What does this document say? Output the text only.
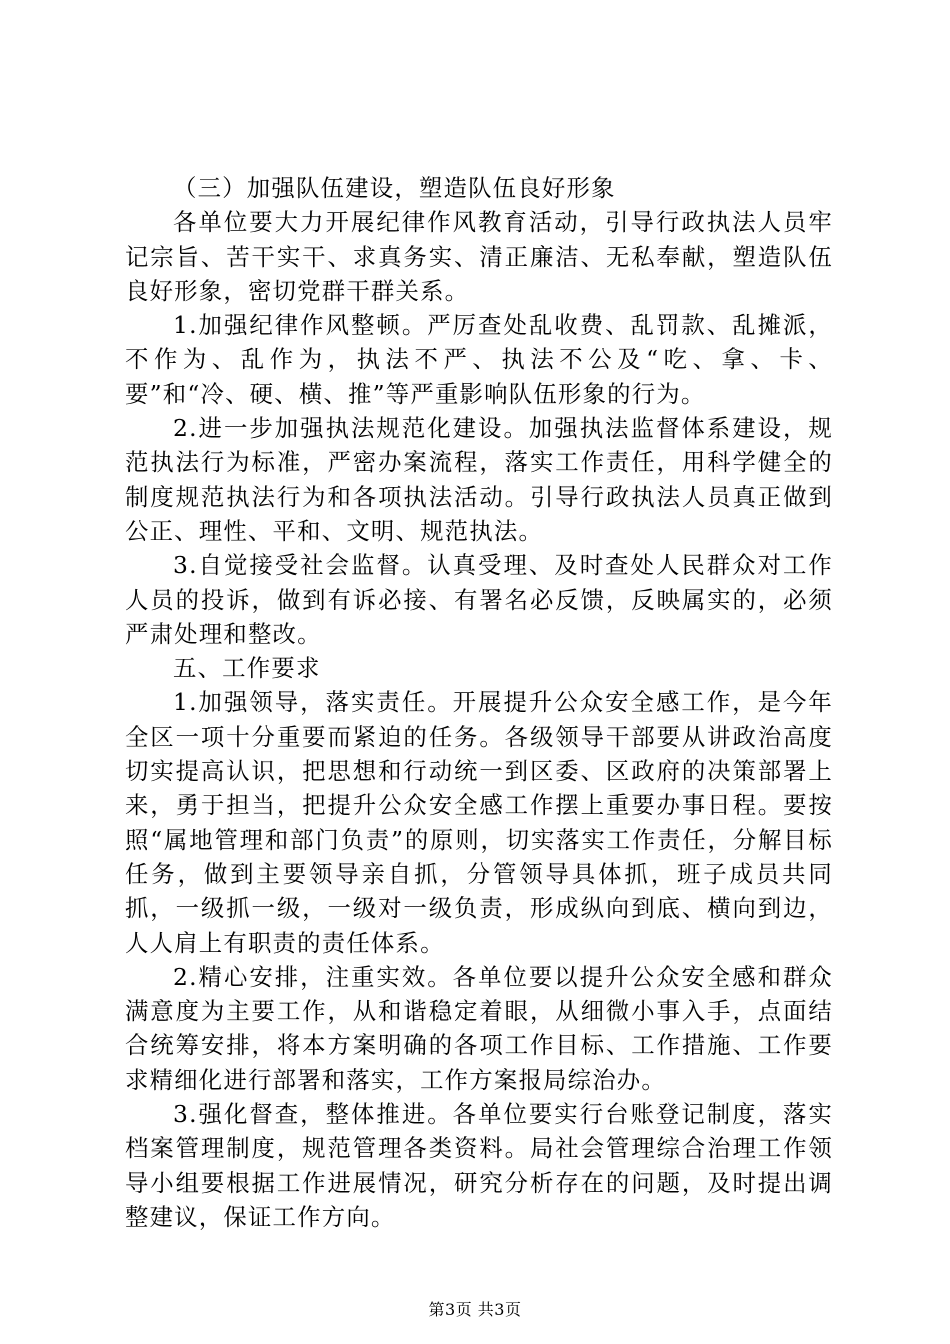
（三）加强队伍建设，塑造队伍良好形象

各单位要大力开展纪律作风教育活动，引导行政执法人员牢记宗旨、苦干实干、求真务实、清正廉洁、无私奉献，塑造队伍良好形象，密切党群干群关系。

1.加强纪律作风整顿。严厉查处乱收费、乱罚款、乱摊派，不作为、乱作为，执法不严、执法不公及“吃、拿、卡、要”和“冷、硬、横、推”等严重影响队伍形象的行为。

2.进一步加强执法规范化建设。加强执法监督体系建设，规范执法行为标准，严密办案流程，落实工作责任，用科学健全的制度规范执法行为和各项执法活动。引导行政执法人员真正做到公正、理性、平和、文明、规范执法。

3.自觉接受社会监督。认真受理、及时查处人民群众对工作人员的投诉，做到有诉必接、有署名必反馈，反映属实的，必须严肃处理和整改。

五、工作要求

1.加强领导，落实责任。开展提升公众安全感工作，是今年全区一项十分重要而紧迫的任务。各级领导干部要从讲政治高度切实提高认识，把思想和行动统一到区委、区政府的决策部署上来，勇于担当，把提升公众安全感工作摆上重要办事日程。要按照“属地管理和部门负责”的原则，切实落实工作责任，分解目标任务，做到主要领导亲自抓，分管领导具体抓，班子成员共同抓，一级抓一级，一级对一级负责，形成纵向到底、横向到边，人人肩上有职责的责任体系。

2.精心安排，注重实效。各单位要以提升公众安全感和群众满意度为主要工作，从和谐稳定着眼，从细微小事入手，点面结合统筹安排，将本方案明确的各项工作目标、工作措施、工作要求精细化进行部署和落实，工作方案报局综治办。

3.强化督查，整体推进。各单位要实行台账登记制度，落实档案管理制度，规范管理各类资料。局社会管理综合治理工作领导小组要根据工作进展情况，研究分析存在的问题，及时提出调整建议，保证工作方向。

第3页 共3页
